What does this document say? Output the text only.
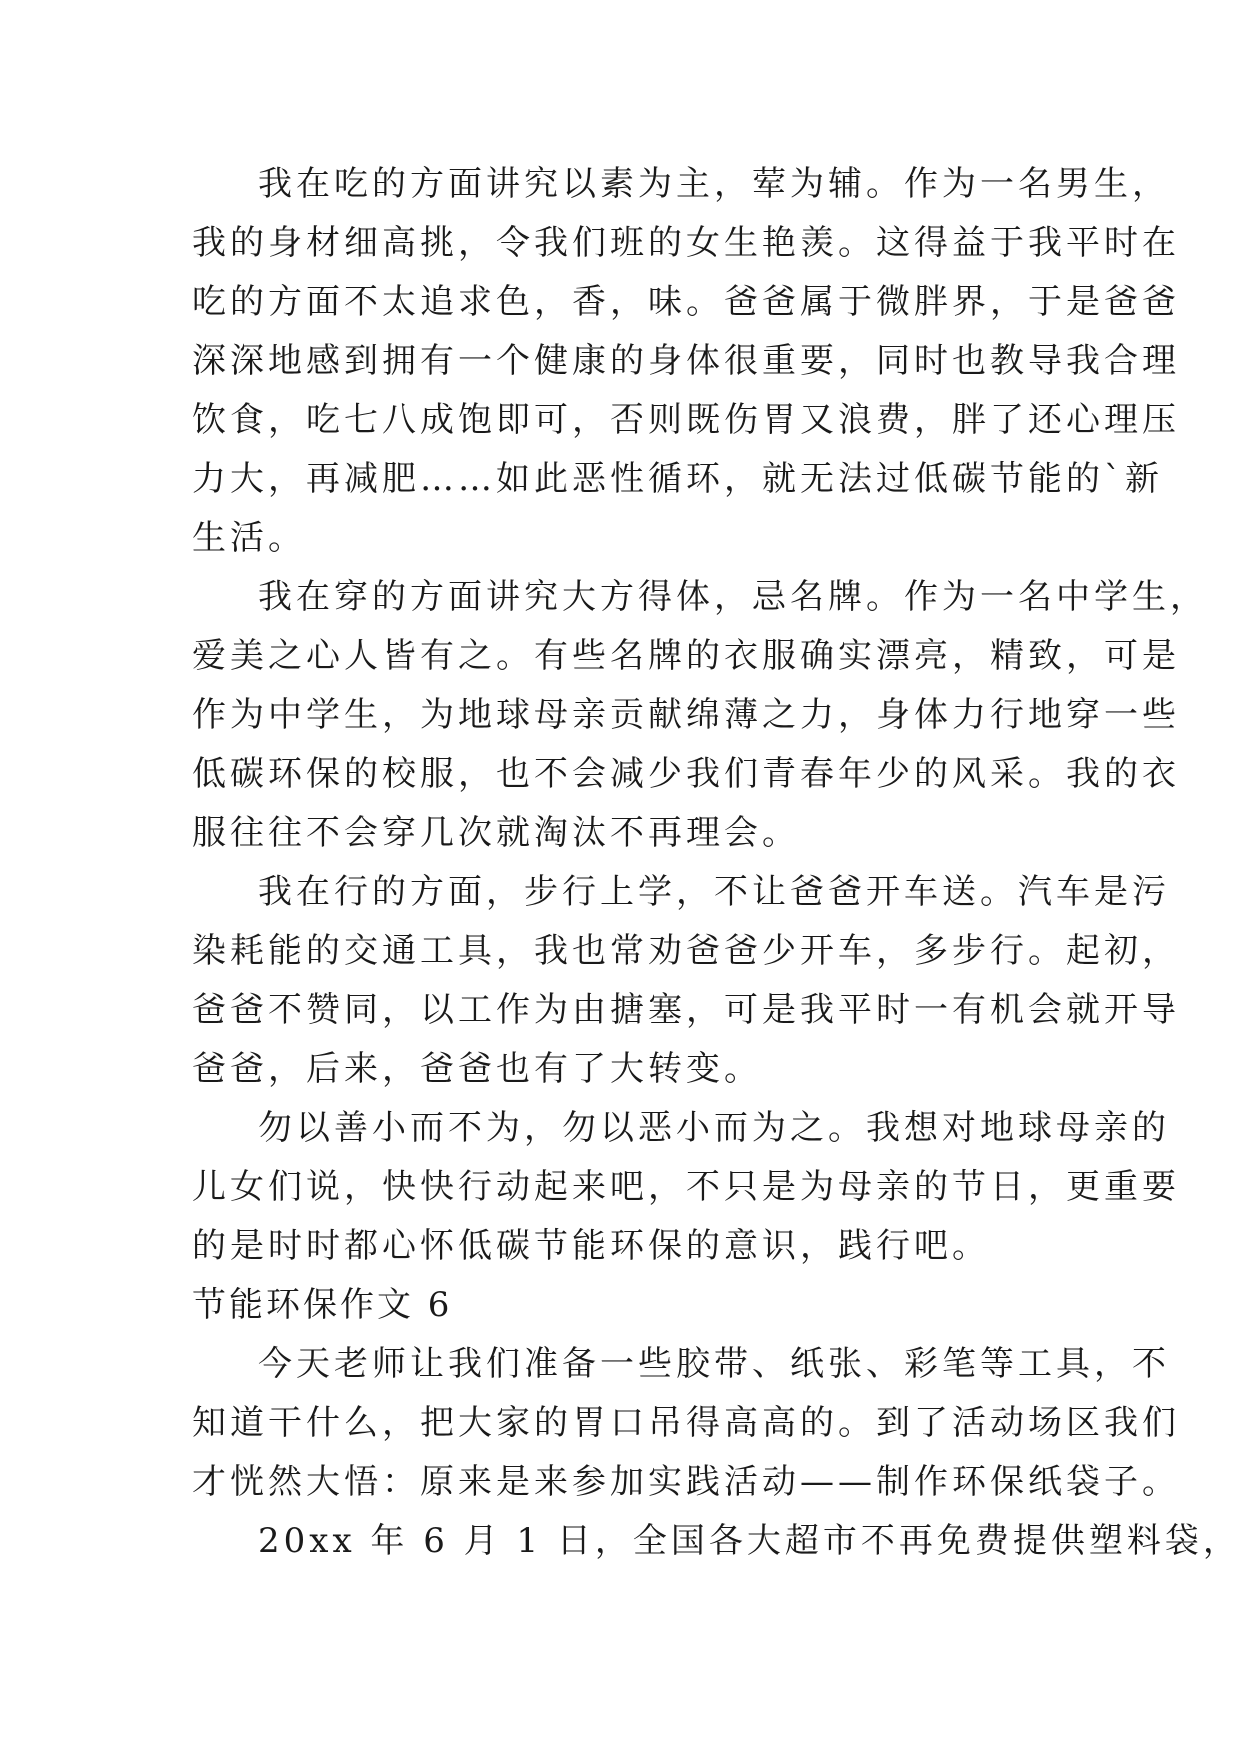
我在吃的方面讲究以素为主，荤为辅。作为一名男生，
我的身材细高挑，令我们班的女生艳羡。这得益于我平时在
吃的方面不太追求色，香，味。爸爸属于微胖界，于是爸爸
深深地感到拥有一个健康的身体很重要，同时也教导我合理
饮食，吃七八成饱即可，否则既伤胃又浪费，胖了还心理压
力大，再减肥……如此恶性循环，就无法过低碳节能的`新
生活。
我在穿的方面讲究大方得体，忌名牌。作为一名中学生，
爱美之心人皆有之。有些名牌的衣服确实漂亮，精致，可是
作为中学生，为地球母亲贡献绵薄之力，身体力行地穿一些
低碳环保的校服，也不会减少我们青春年少的风采。我的衣
服往往不会穿几次就淘汰不再理会。
我在行的方面，步行上学，不让爸爸开车送。汽车是污
染耗能的交通工具，我也常劝爸爸少开车，多步行。起初，
爸爸不赞同，以工作为由搪塞，可是我平时一有机会就开导
爸爸，后来，爸爸也有了大转变。
勿以善小而不为，勿以恶小而为之。我想对地球母亲的
儿女们说，快快行动起来吧，不只是为母亲的节日，更重要
的是时时都心怀低碳节能环保的意识，践行吧。
节能环保作文 6
今天老师让我们准备一些胶带、纸张、彩笔等工具，不
知道干什么，把大家的胃口吊得高高的。到了活动场区我们
才恍然大悟：原来是来参加实践活动——制作环保纸袋子。
20xx 年 6 月 1 日，全国各大超市不再免费提供塑料袋，
